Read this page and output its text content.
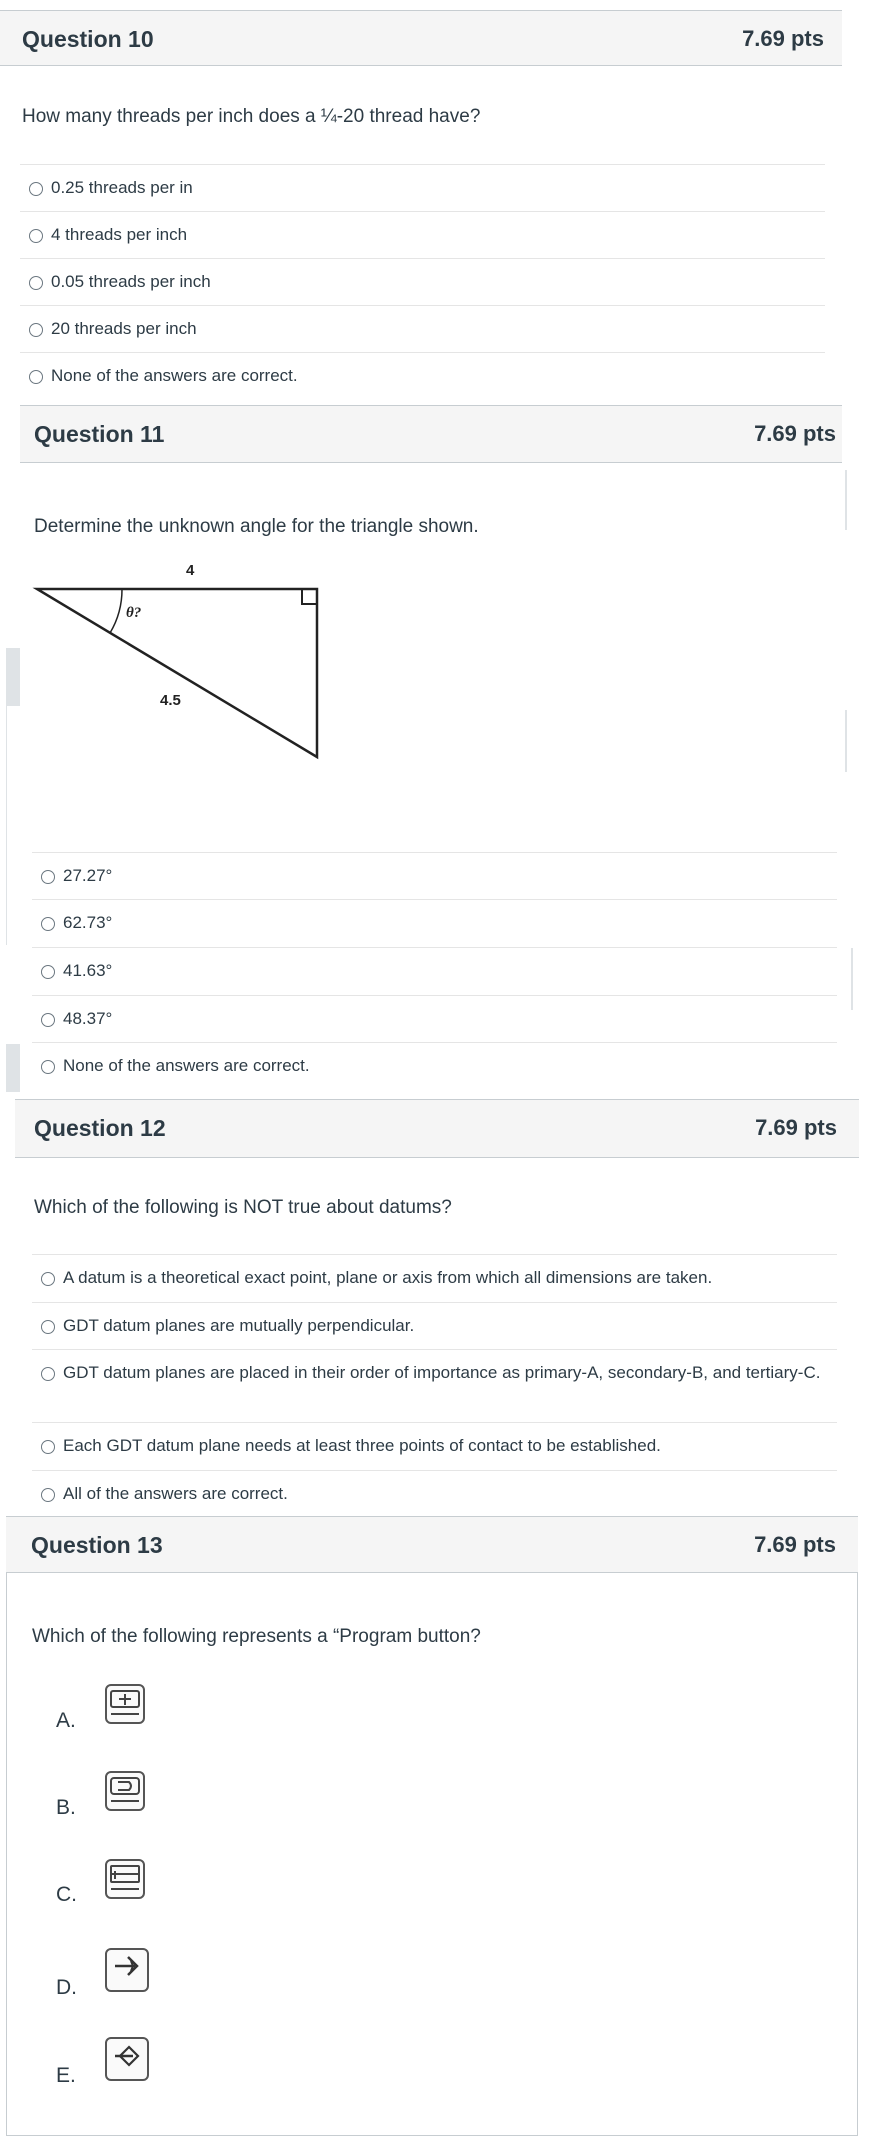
Question 10	7.69 pts
How many threads per inch does a ¼-20 thread have?
0.25 threads per in
4 threads per inch
0.05 threads per inch
20 threads per inch
None of the answers are correct.
Question 11	7.69 pts
Determine the unknown angle for the triangle shown.
4
θ?
4.5
27.27°
62.73°
41.63°
48.37°
None of the answers are correct.
Question 12	7.69 pts
Which of the following is NOT true about datums?
A datum is a theoretical exact point, plane or axis from which all dimensions are taken.
GDT datum planes are mutually perpendicular.
GDT datum planes are placed in their order of importance as primary-A, secondary-B, and tertiary-C.
Each GDT datum plane needs at least three points of contact to be established.
All of the answers are correct.
Question 13	7.69 pts
Which of the following represents a “Program button?
A.
B.
C.
D.
E.
